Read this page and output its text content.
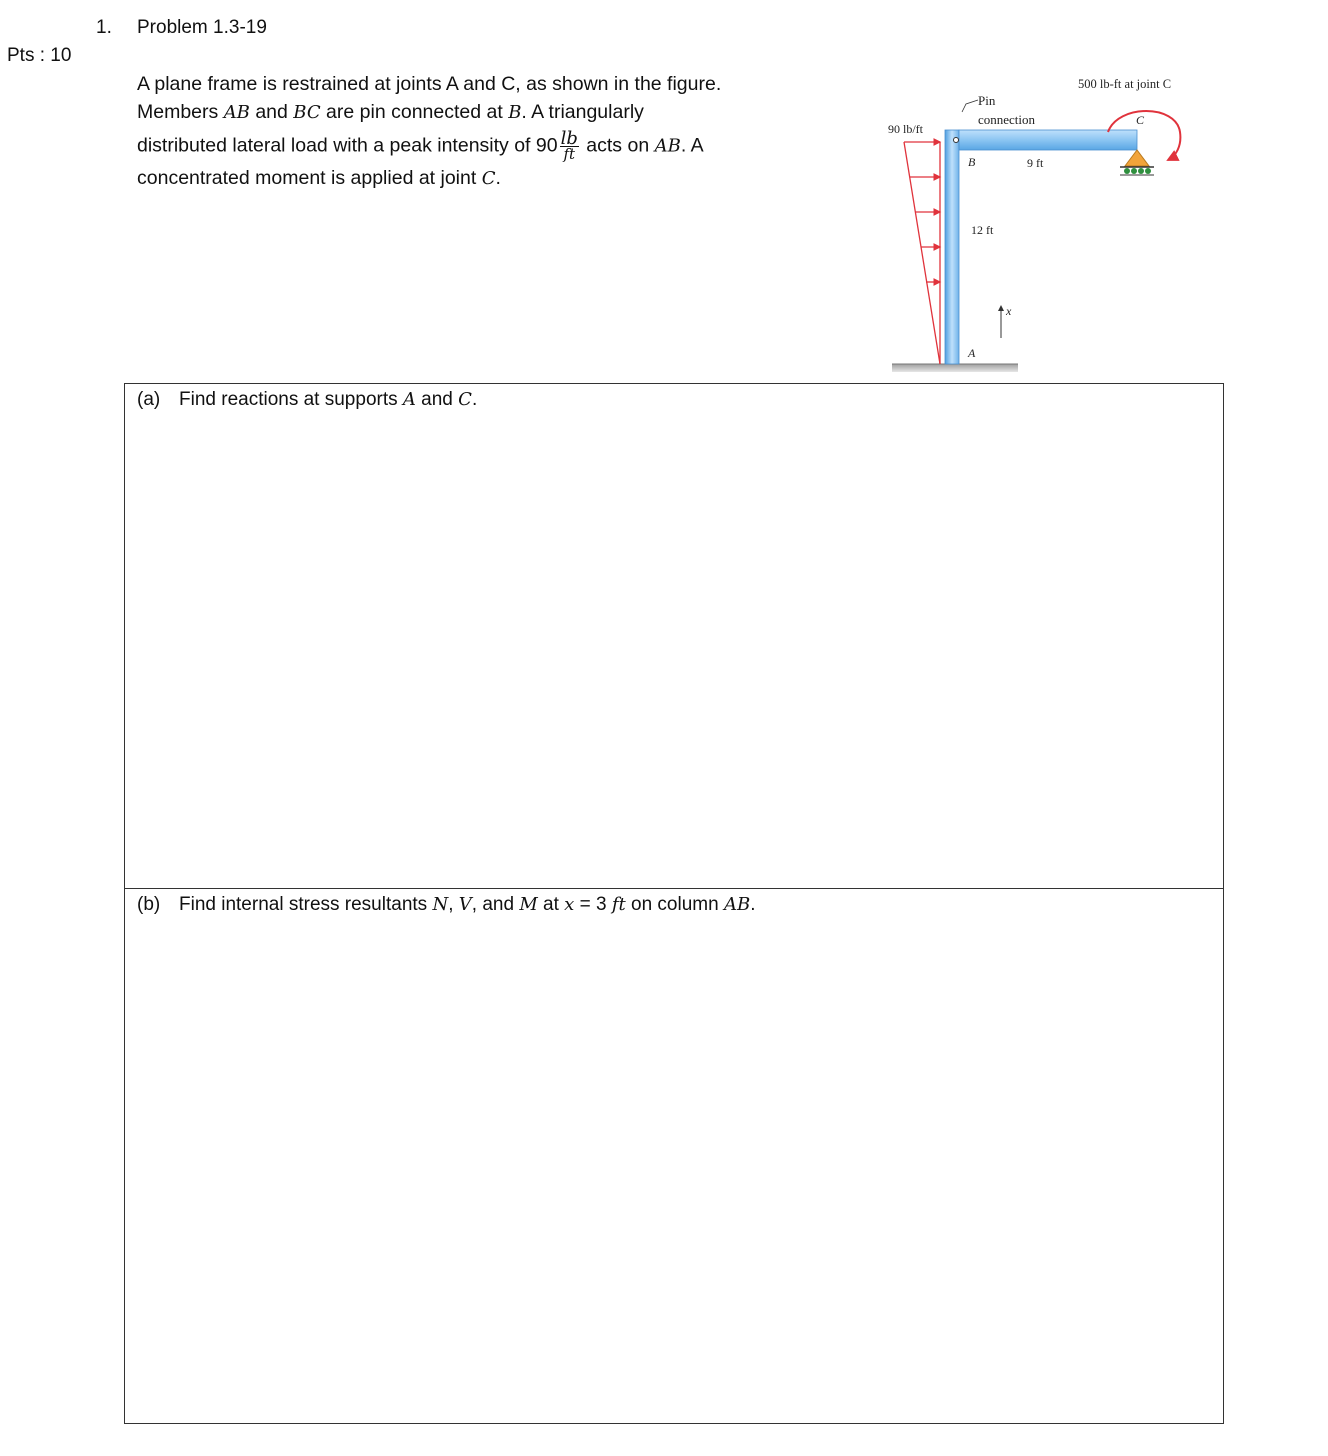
1. Problem 1.3-19
Pts : 10
A plane frame is restrained at joints A and C, as shown in the figure.
Members AB and BC are pin connected at B. A triangularly
distributed lateral load with a peak intensity of $90 \frac{lb}{ft}$ acts on AB. A
concentrated moment is applied at joint C.
90 lb/ft
Pin
connection
500 lb-ft at joint C
C
B	9 ft
12 ft
x
A
(a) Find reactions at supports A and C.
(b) Find internal stress resultants N, V, and M at x = 3 ft on column AB.
